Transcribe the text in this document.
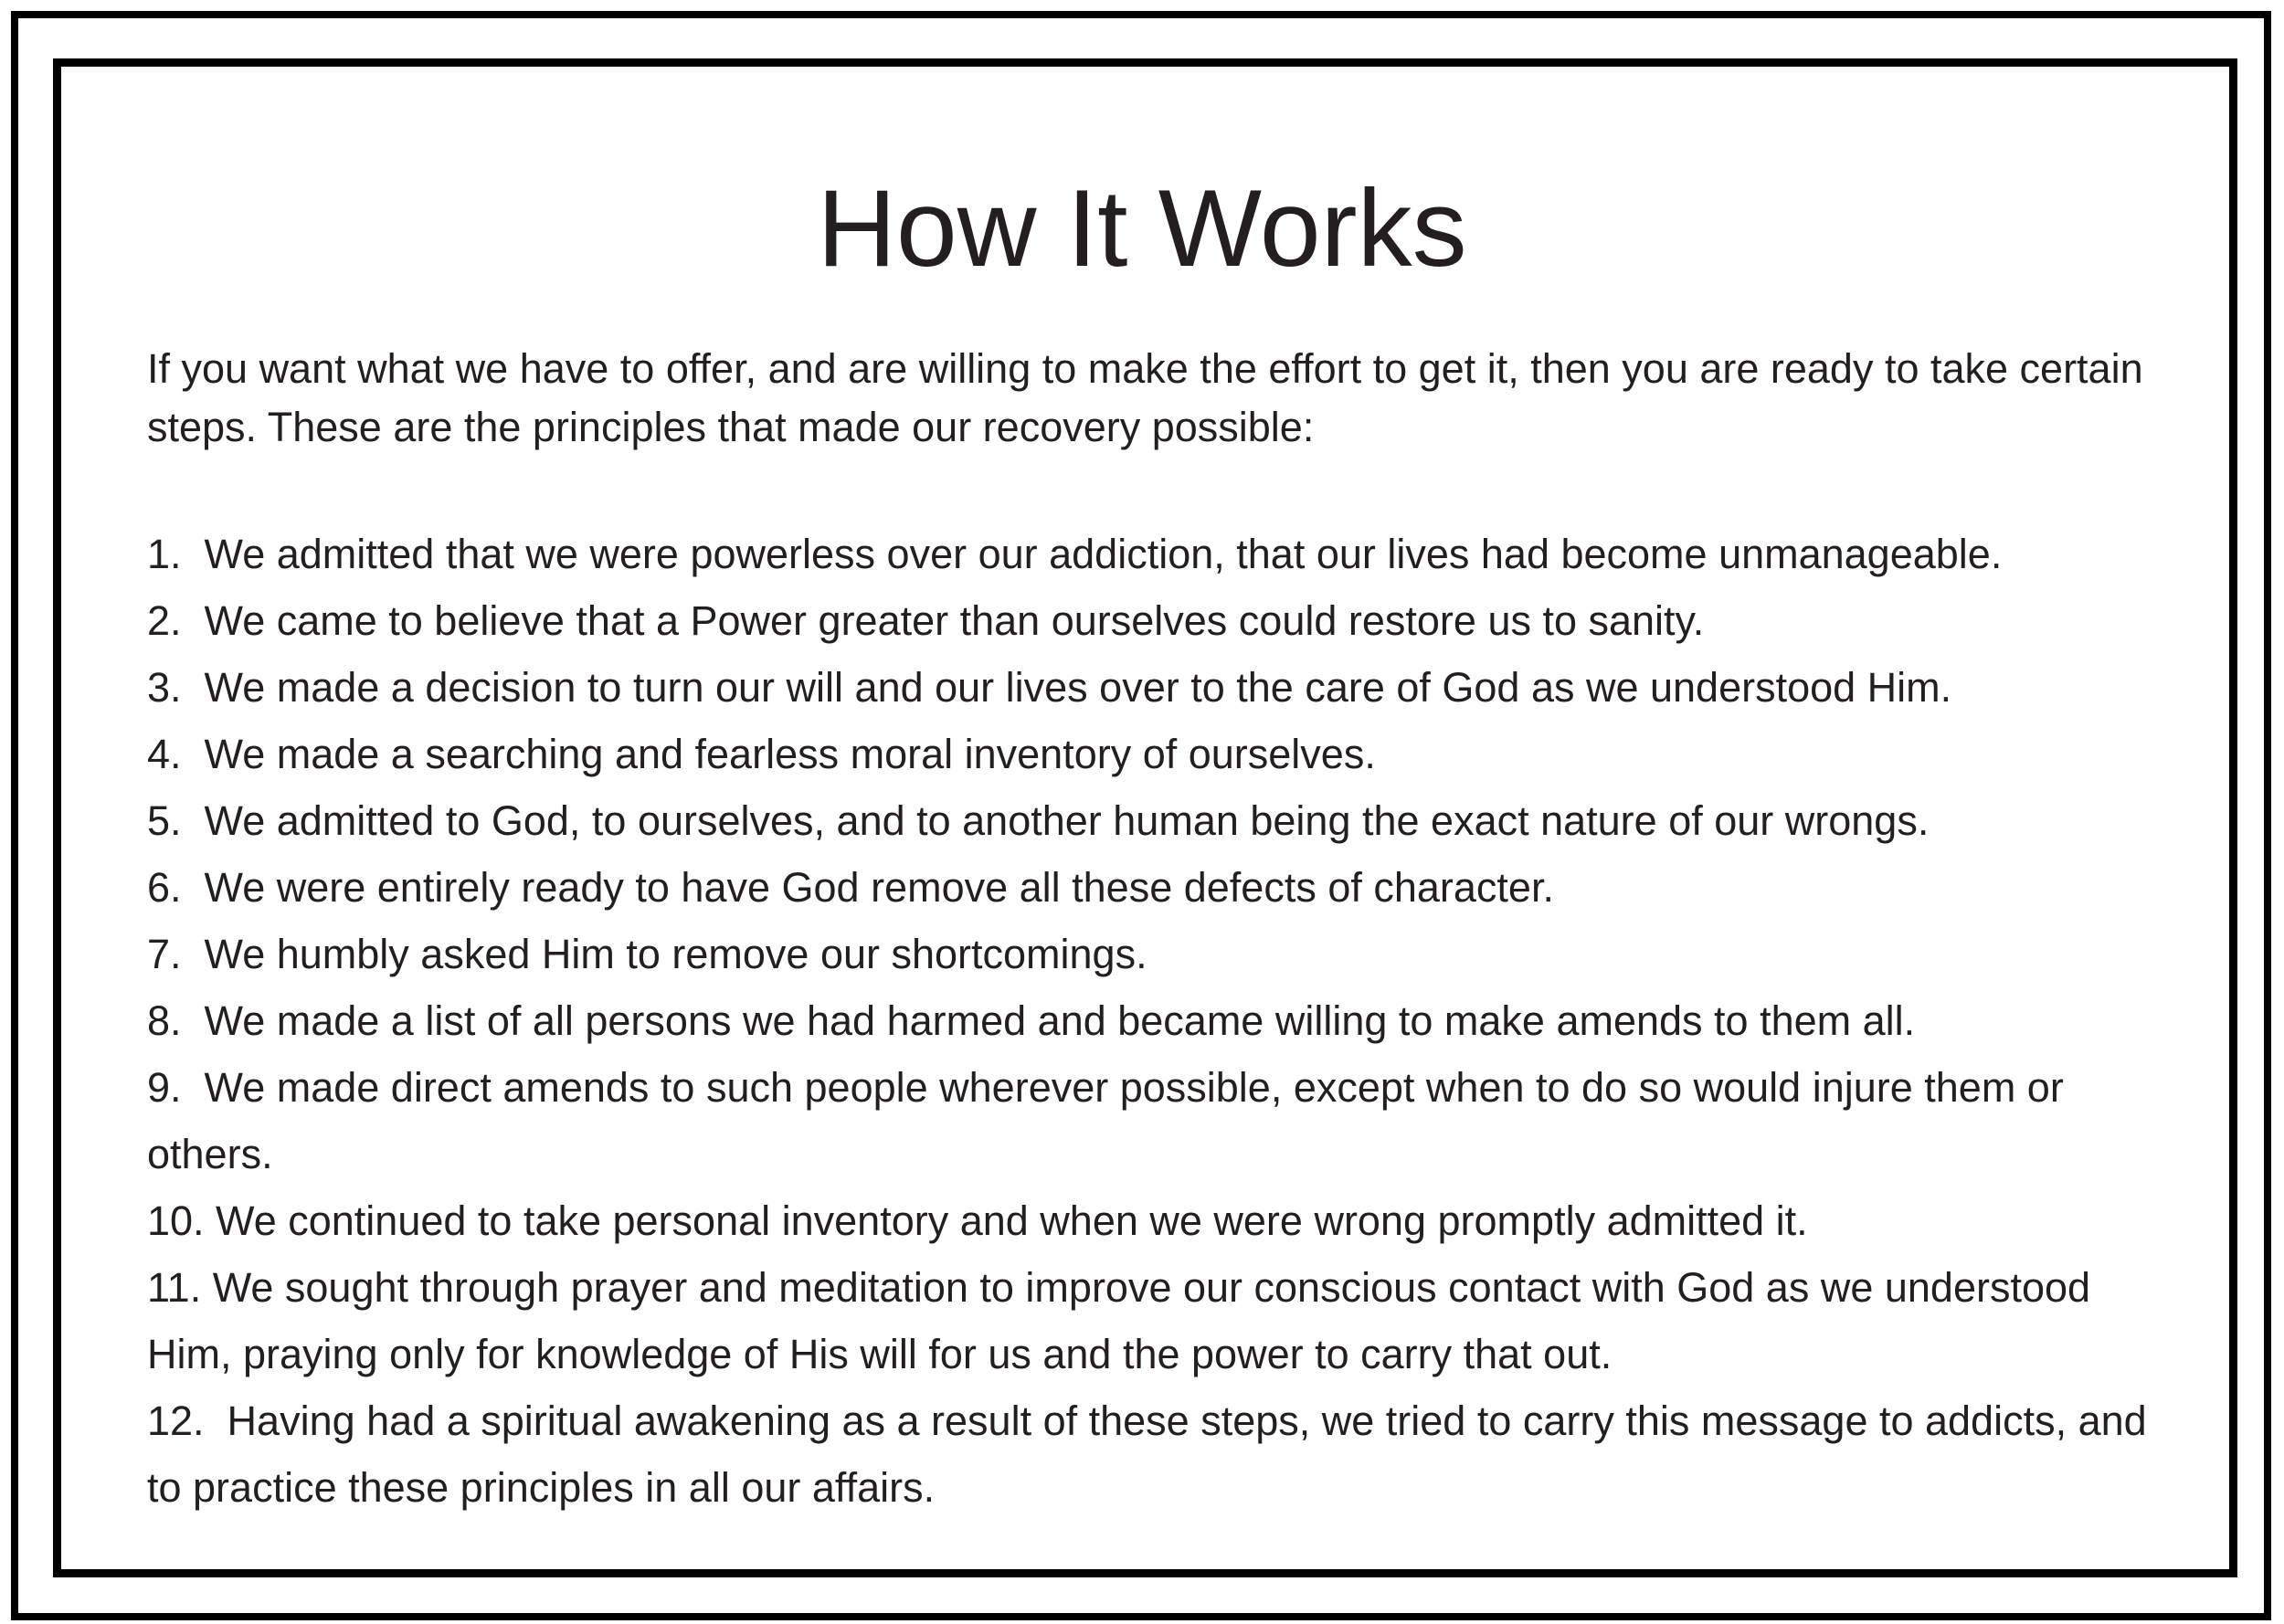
How It Works

If you want what we have to offer, and are willing to make the effort to get it, then you are ready to take certain steps. These are the principles that made our recovery possible:

1.  We admitted that we were powerless over our addiction, that our lives had become unmanageable.
2.  We came to believe that a Power greater than ourselves could restore us to sanity.
3.  We made a decision to turn our will and our lives over to the care of God as we understood Him.
4.  We made a searching and fearless moral inventory of ourselves.
5.  We admitted to God, to ourselves, and to another human being the exact nature of our wrongs.
6.  We were entirely ready to have God remove all these defects of character.
7.  We humbly asked Him to remove our shortcomings.
8.  We made a list of all persons we had harmed and became willing to make amends to them all.
9.  We made direct amends to such people wherever possible, except when to do so would injure them or others.
10. We continued to take personal inventory and when we were wrong promptly admitted it.
11. We sought through prayer and meditation to improve our conscious contact with God as we understood Him, praying only for knowledge of His will for us and the power to carry that out.
12.  Having had a spiritual awakening as a result of these steps, we tried to carry this message to addicts, and to practice these principles in all our affairs.
